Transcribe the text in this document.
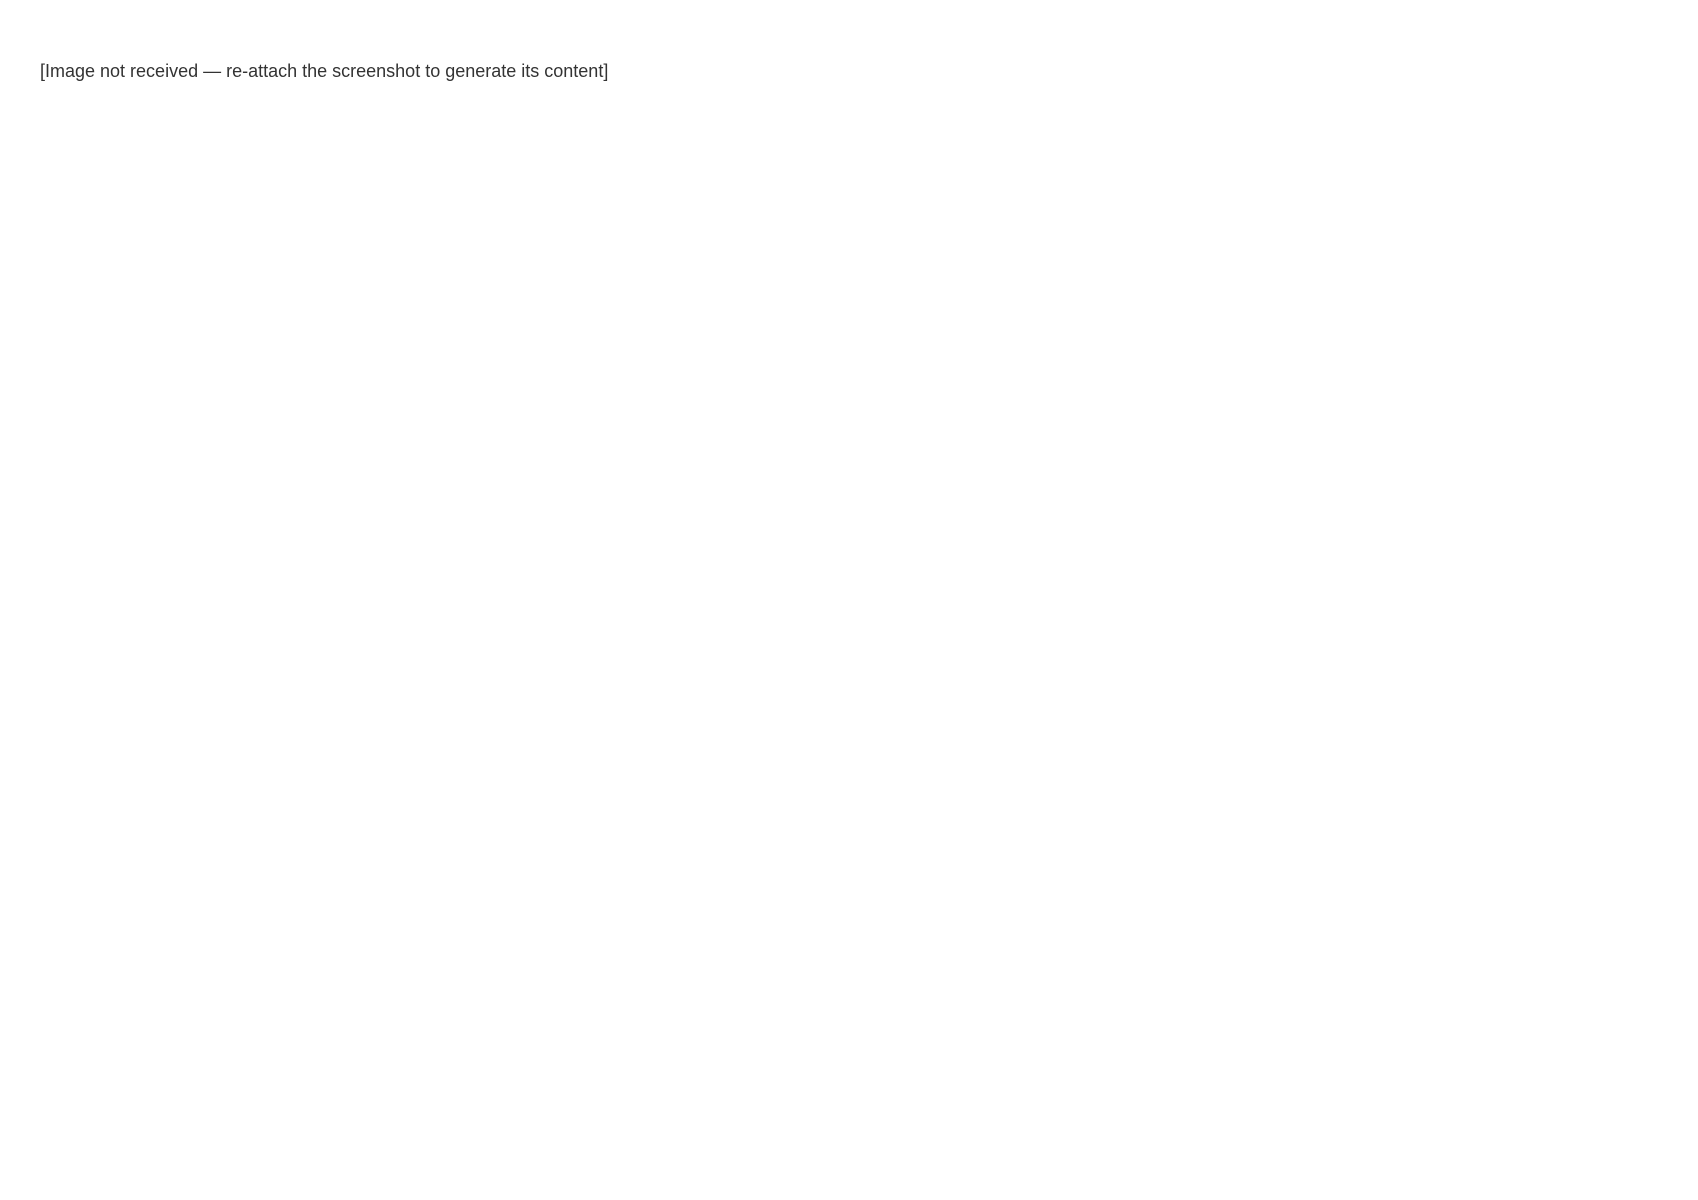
[Image not received — re-attach the screenshot to generate its content]
